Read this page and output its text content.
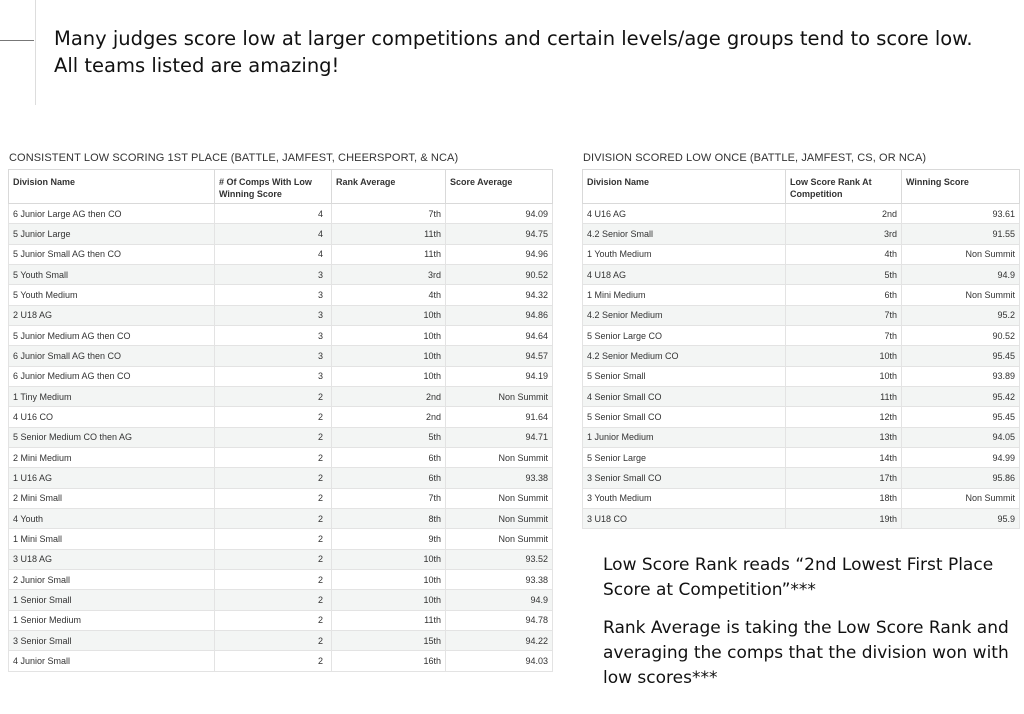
Many judges score low at larger competitions and certain levels/age groups tend to score low.
All teams listed are amazing!
CONSISTENT LOW SCORING 1ST PLACE (BATTLE, JAMFEST, CHEERSPORT, & NCA)
Division Name	# Of Comps With Low Winning Score	Rank Average	Score Average
6 Junior Large AG then CO	4	7th	94.09
5 Junior Large	4	11th	94.75
5 Junior Small AG then CO	4	11th	94.96
5 Youth Small	3	3rd	90.52
5 Youth Medium	3	4th	94.32
2 U18 AG	3	10th	94.86
5 Junior Medium AG then CO	3	10th	94.64
6 Junior Small AG then CO	3	10th	94.57
6 Junior Medium AG then CO	3	10th	94.19
1 Tiny Medium	2	2nd	Non Summit
4 U16 CO	2	2nd	91.64
5 Senior Medium CO then AG	2	5th	94.71
2 Mini Medium	2	6th	Non Summit
1 U16 AG	2	6th	93.38
2 Mini Small	2	7th	Non Summit
4 Youth	2	8th	Non Summit
1 Mini Small	2	9th	Non Summit
3 U18 AG	2	10th	93.52
2 Junior Small	2	10th	93.38
1 Senior Small	2	10th	94.9
1 Senior Medium	2	11th	94.78
3 Senior Small	2	15th	94.22
4 Junior Small	2	16th	94.03
DIVISION SCORED LOW ONCE (BATTLE, JAMFEST, CS, OR NCA)
Division Name	Low Score Rank At Competition	Winning Score
4 U16 AG	2nd	93.61
4.2 Senior Small	3rd	91.55
1 Youth Medium	4th	Non Summit
4 U18 AG	5th	94.9
1 Mini Medium	6th	Non Summit
4.2 Senior Medium	7th	95.2
5 Senior Large CO	7th	90.52
4.2 Senior Medium CO	10th	95.45
5 Senior Small	10th	93.89
4 Senior Small CO	11th	95.42
5 Senior Small CO	12th	95.45
1 Junior Medium	13th	94.05
5 Senior Large	14th	94.99
3 Senior Small CO	17th	95.86
3 Youth Medium	18th	Non Summit
3 U18 CO	19th	95.9

Low Score Rank reads “2nd Lowest First Place Score at Competition”***

Rank Average is taking the Low Score Rank and averaging the comps that the division won with low scores***
